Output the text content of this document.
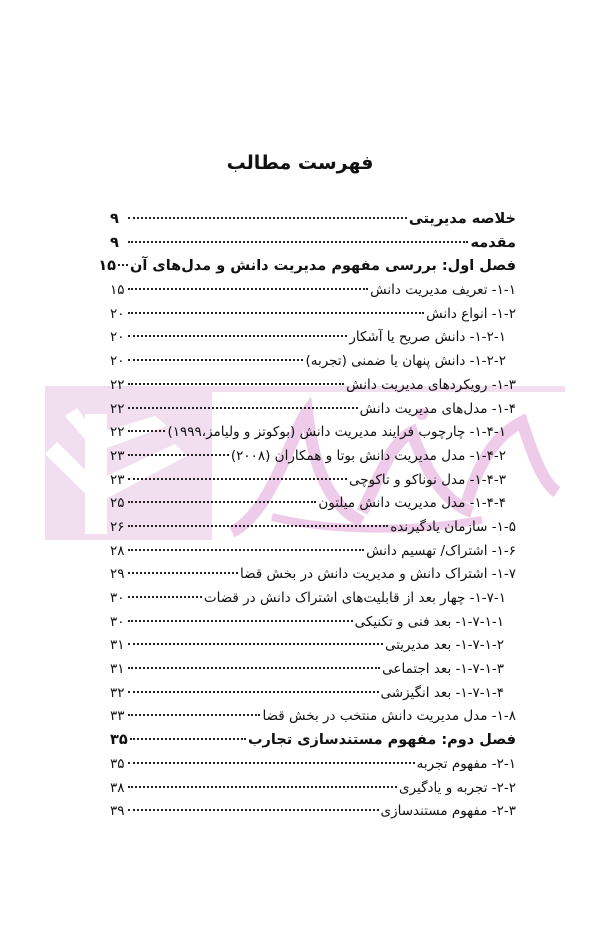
فهرست مطالب
خلاصه مدیریتی
۹
مقدمه
۹
فصل اول: بررسی مفهوم مدیریت دانش و مدل‌های آن
۱۵
۱-۱- تعریف مدیریت دانش
۱۵
۱-۲- انواع دانش
۲۰
۱-۲-۱- دانش صریح یا آشکار
۲۰
۱-۲-۲- دانش پنهان یا ضمنی (تجربه)
۲۰
۱-۳- رویکردهای مدیریت دانش
۲۲
۱-۴- مدل‌های مدیریت دانش
۲۲
۱-۴-۱- چارچوب فرایند مدیریت دانش (بوکوتز و ولیامز،۱۹۹۹)
۲۲
۱-۴-۲- مدل مدیریت دانش بوتا و همکاران (۲۰۰۸)
۲۳
۱-۴-۳- مدل نوناکو و تاکوچی
۲۳
۱-۴-۴- مدل مدیریت دانش میلتون
۲۵
۱-۵- سازمان یادگیرنده
۲۶
۱-۶- اشتراک/ تهسیم دانش
۲۸
۱-۷- اشتراک دانش و مدیریت دانش در بخش قضا
۲۹
۱-۷-۱- چهار بعد از قابلیت‌های اشتراک دانش در قضات
۳۰
۱-۷-۱-۱- بعد فنی و تکنیکی
۳۰
۱-۷-۱-۲- بعد مدیریتی
۳۱
۱-۷-۱-۳- بعد اجتماعی
۳۱
۱-۷-۱-۴- بعد انگیزشی
۳۲
۱-۸- مدل مدیریت دانش منتخب در بخش قضا
۳۳
فصل دوم: مفهوم مستندسازی تجارب
۳۵
۲-۱- مفهوم تجربه
۳۵
۲-۲- تجربه و یادگیری
۳۸
۲-۳- مفهوم مستندسازی
۳۹
